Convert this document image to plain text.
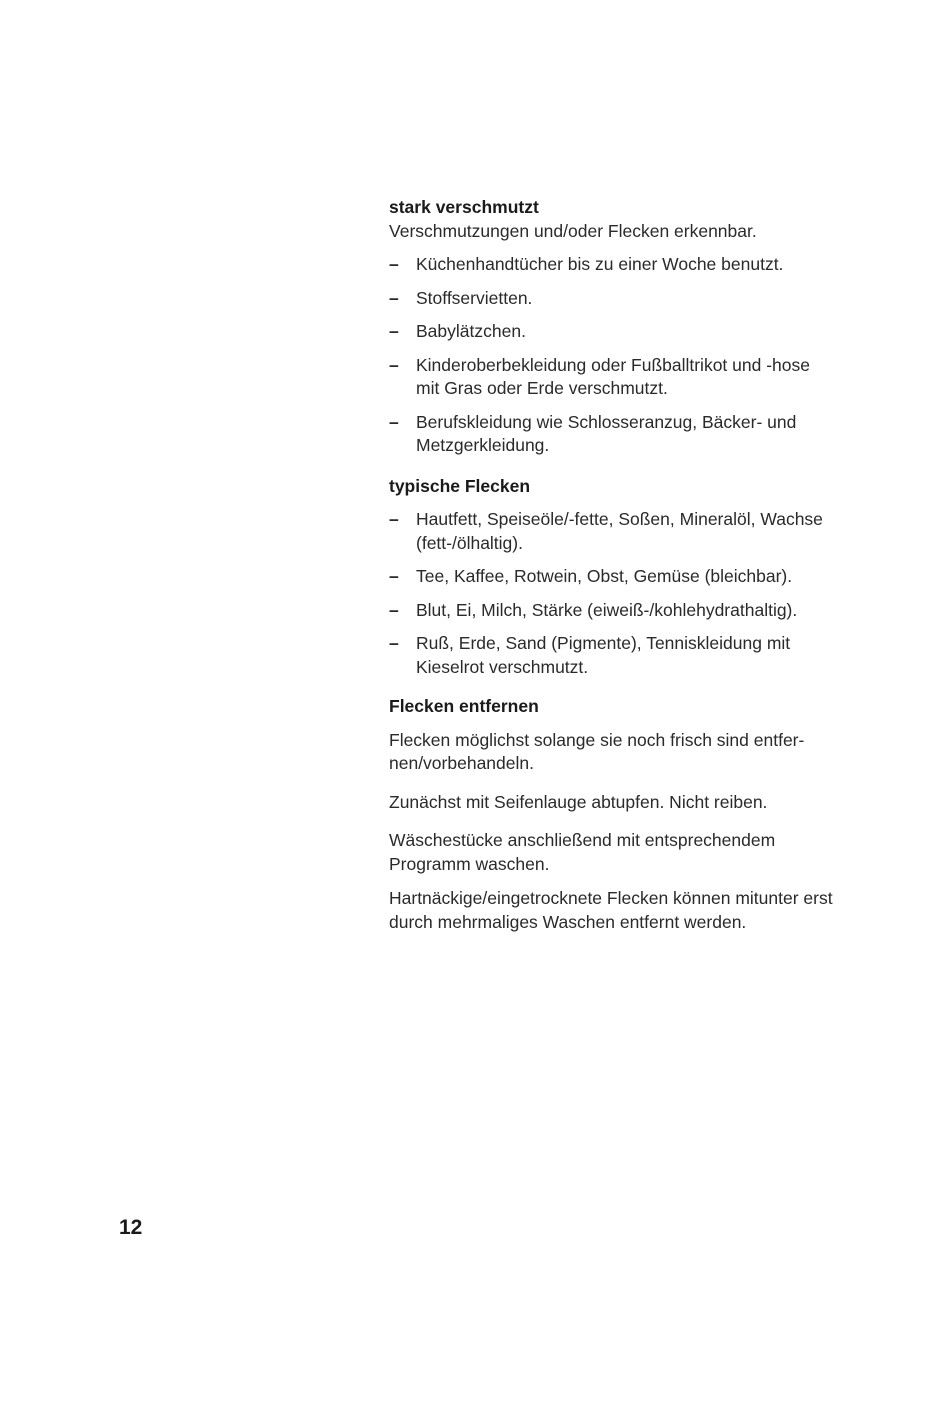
stark verschmutzt

Verschmutzungen und/oder Flecken erkennbar.

– Küchenhandtücher bis zu einer Woche benutzt.
– Stoffservietten.
– Babylätzchen.
– Kinderoberbekleidung oder Fußballtrikot und -hose mit Gras oder Erde verschmutzt.
– Berufskleidung wie Schlosseranzug, Bäcker- und Metzgerkleidung.

typische Flecken

– Hautfett, Speiseöle/-fette, Soßen, Mineralöl, Wachse (fett-/ölhaltig).
– Tee, Kaffee, Rotwein, Obst, Gemüse (bleichbar).
– Blut, Ei, Milch, Stärke (eiweiß-/kohlehydrathaltig).
– Ruß, Erde, Sand (Pigmente), Tenniskleidung mit Kieselrot verschmutzt.

Flecken entfernen

Flecken möglichst solange sie noch frisch sind entfer-nen/vorbehandeln.

Zunächst mit Seifenlauge abtupfen. Nicht reiben.

Wäschestücke anschließend mit entsprechendem Programm waschen.

Hartnäckige/eingetrocknete Flecken können mitunter erst durch mehrmaliges Waschen entfernt werden.

12
